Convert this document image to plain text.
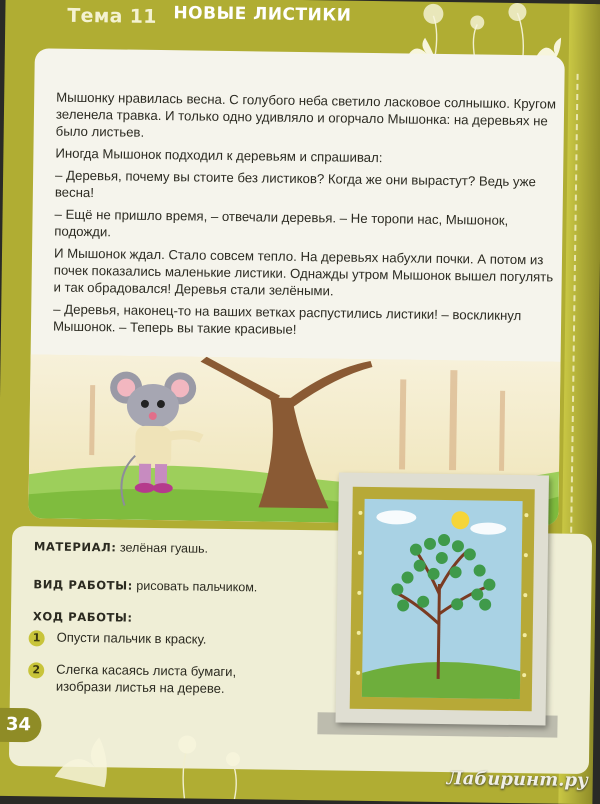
Тема 11 НОВЫЕ ЛИСТИКИ

Мышонку нравилась весна. С голубого неба светило ласковое солнышко. Кругом зеленела травка. И только одно удивляло и огорчало Мышонка: на деревьях не было листьев.

Иногда Мышонок подходил к деревьям и спрашивал:

– Деревья, почему вы стоите без листиков? Когда же они вырастут? Ведь уже весна!

– Ещё не пришло время, – отвечали деревья. – Не торопи нас, Мышонок, подожди.

И Мышонок ждал. Стало совсем тепло. На деревьях набухли почки. А потом из почек показались маленькие листики. Однажды утром Мышонок вышел погулять и так обрадовался! Деревья стали зелёными.

– Деревья, наконец-то на ваших ветках распустились листики! – воскликнул Мышонок. – Теперь вы такие красивые!

МАТЕРИАЛ: зелёная гуашь.
ВИД РАБОТЫ: рисовать пальчиком.
ХОД РАБОТЫ:
1	Опусти пальчик в краску.
2	Слегка касаясь листа бумаги, изобрази листья на дереве.
34
Лабиринт.ру
